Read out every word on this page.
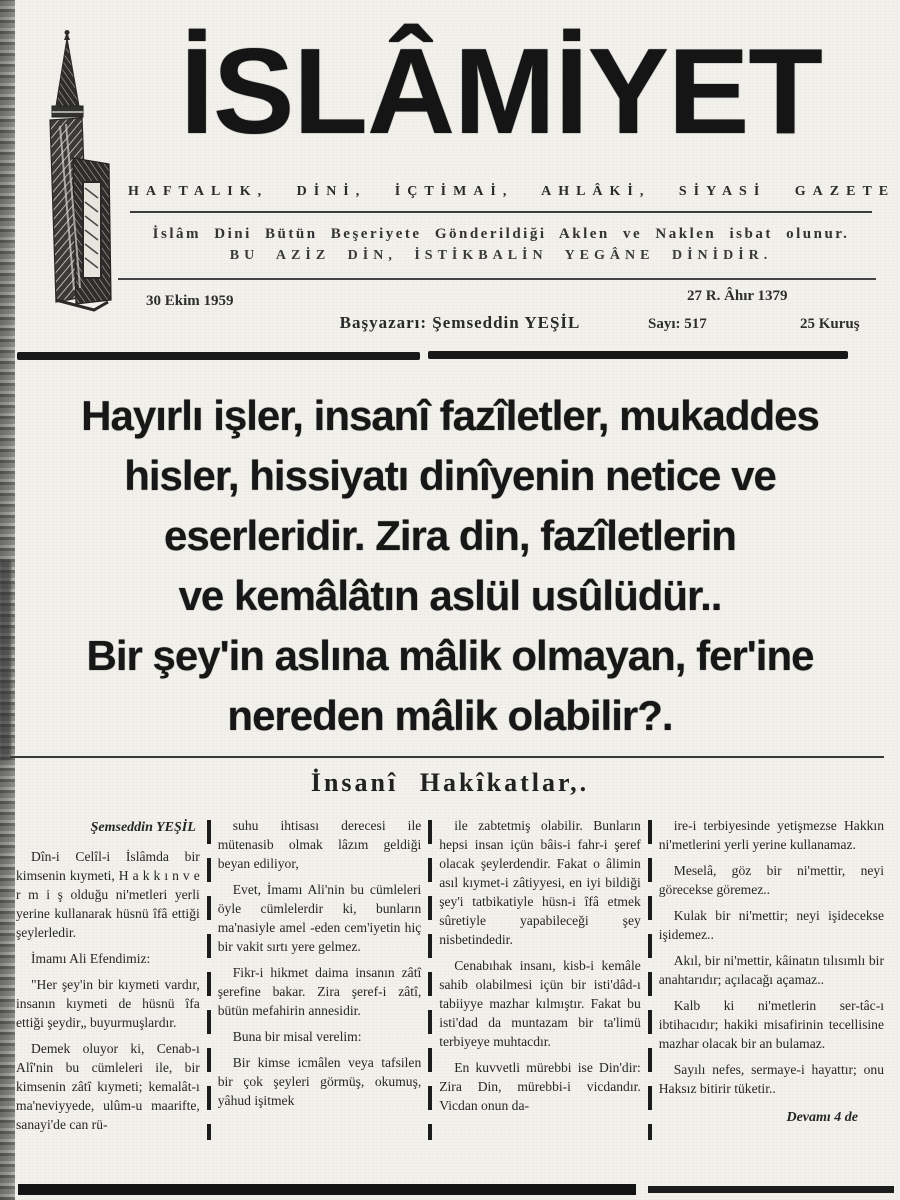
İSLÂMİYET
HAFTALIK, DİNİ, İÇTİMAİ, AHLÂKİ, SİYASİ GAZETE
İslâm Dini Bütün Beşeriyete Gönderildiği Aklen ve Naklen isbat olunur.
BU AZİZ DİN, İSTİKBALİN YEGÂNE DİNİDİR.
30 Ekim 1959
Başyazarı: Şemseddin YEŞİL
27 R. Âhır 1379
Sayı: 517	25 Kuruş
Hayırlı işler, insanî fazîletler, mukaddes
hisler, hissiyatı dinîyenin netice ve
eserleridir. Zira din, fazîletlerin
ve kemâlâtın aslül usûlüdür..
Bir şey'in aslına mâlik olmayan, fer'ine
nereden mâlik olabilir?.
İnsanî Hakîkatlar,.
Şemseddin YEŞİL

Dîn-i Celîl-i İslâmda bir kimsenin kıymeti, H a k k ı n v e r m i ş olduğu ni'metleri yerli yerine kullanarak hüsnü îfâ ettiği şeylerledir.

İmamı Ali Efendimiz:

"Her şey'in bir kıymeti vardır, insanın kıymeti de hüsnü îfa ettiği şeydir„ buyurmuşlardır.

Demek oluyor ki, Cenab-ı Alî'nin bu cümleleri ile, bir kimsenin zâtî kıymeti; kemalât-ı ma'neviyyede, ulûm-u maarifte, sanayi'de can rü-

suhu ihtisası derecesi ile mütenasib olmak lâzım geldiği beyan ediliyor,

Evet, İmamı Ali'nin bu cümleleri öyle cümlelerdir ki, bunların ma'nasiyle amel -eden cem'iyetin hiç bir vakit sırtı yere gelmez.

Fikr-i hikmet daima insanın zâtî şerefine bakar. Zira şeref-i zâtî, bütün mefahirin annesidir.

Buna bir misal verelim:

Bir kimse icmâlen veya tafsilen bir çok şeyleri görmüş, okumuş, yâhud işitmek

ile zabtetmiş olabilir. Bunların hepsi insan içün bâis-i fahr-i şeref olacak şeylerdendir. Fakat o âlimin asıl kıymet-i zâtiyyesi, en iyi bildiği şey'i tatbikatiyle hüsn-i îfâ etmek sûretiyle yapabileceği şey nisbetindedir.

Cenabıhak insanı, kisb-i kemâle sahib olabilmesi içün bir isti'dâd-ı tabiiyye mazhar kılmıştır. Fakat bu isti'dad da muntazam bir ta'limü terbiyeye muhtacdır.

En kuvvetli mürebbi ise Din'dir: Zira Din, mürebbi-i vicdandır. Vicdan onun da-

ire-i terbiyesinde yetişmezse Hakkın ni'metlerini yerli yerine kullanamaz.

Meselâ, göz bir ni'mettir, neyi görecekse göremez..

Kulak bir ni'mettir; neyi işidecekse işidemez..

Akıl, bir ni'mettir, kâinatın tılısımlı bir anahtarıdır; açılacağı açamaz..

Kalb ki ni'metlerin ser-tâc-ı ibtihacıdır; hakiki misafirinin tecellisine mazhar olacak bir an bulamaz.

Sayılı nefes, sermaye-i hayattır; onu Haksız bitirir tüketir..

Devamı 4 de
